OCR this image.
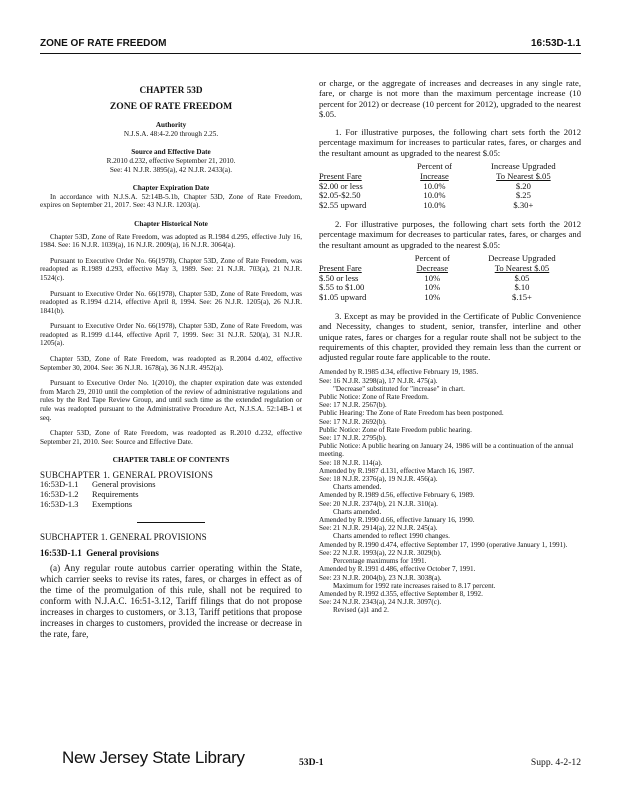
ZONE OF RATE FREEDOM	16:53D-1.1
CHAPTER 53D
ZONE OF RATE FREEDOM
Authority
N.J.S.A. 48:4-2.20 through 2.25.
Source and Effective Date
R.2010 d.232, effective September 21, 2010.
See: 41 N.J.R. 3895(a), 42 N.J.R. 2433(a).
Chapter Expiration Date

In accordance with N.J.S.A. 52:14B-5.1b, Chapter 53D, Zone of Rate Freedom, expires on September 21, 2017. See: 43 N.J.R. 1203(a).

Chapter Historical Note

Chapter 53D, Zone of Rate Freedom, was adopted as R.1984 d.295, effective July 16, 1984. See: 16 N.J.R. 1039(a), 16 N.J.R. 2009(a), 16 N.J.R. 3064(a).

Pursuant to Executive Order No. 66(1978), Chapter 53D, Zone of Rate Freedom, was readopted as R.1989 d.293, effective May 3, 1989. See: 21 N.J.R. 703(a), 21 N.J.R. 1524(c).

Pursuant to Executive Order No. 66(1978), Chapter 53D, Zone of Rate Freedom, was readopted as R.1994 d.214, effective April 8, 1994. See: 26 N.J.R. 1205(a), 26 N.J.R. 1841(b).

Pursuant to Executive Order No. 66(1978), Chapter 53D, Zone of Rate Freedom, was readopted as R.1999 d.144, effective April 7, 1999. See: 31 N.J.R. 520(a), 31 N.J.R. 1205(a).

Chapter 53D, Zone of Rate Freedom, was readopted as R.2004 d.402, effective September 30, 2004. See: 36 N.J.R. 1678(a), 36 N.J.R. 4952(a).

Pursuant to Executive Order No. 1(2010), the chapter expiration date was extended from March 29, 2010 until the completion of the review of administrative regulations and rules by the Red Tape Review Group, and until such time as the extended regulation or rule was readopted pursuant to the Administrative Procedure Act, N.J.S.A. 52:14B-1 et seq.

Chapter 53D, Zone of Rate Freedom, was readopted as R.2010 d.232, effective September 21, 2010. See: Source and Effective Date.

CHAPTER TABLE OF CONTENTS
SUBCHAPTER 1. GENERAL PROVISIONS
16:53D-1.1	General provisions
16:53D-1.2	Requirements
16:53D-1.3	Exemptions
SUBCHAPTER 1. GENERAL PROVISIONS
16:53D-1.1 General provisions

(a) Any regular route autobus carrier operating within the State, which carrier seeks to revise its rates, fares, or charges in effect as of the time of the promulgation of this rule, shall not be required to conform with N.J.A.C. 16:51-3.12, Tariff filings that do not propose increases in charges to customers, or 3.13, Tariff petitions that propose increases in charges to customers, provided the increase or decrease in the rate, fare,

or charge, or the aggregate of increases and decreases in any single rate, fare, or charge is not more than the maximum percentage increase (10 percent for 2012) or decrease (10 percent for 2012), upgraded to the nearest $.05.

1. For illustrative purposes, the following chart sets forth the 2012 percentage maximum for increases to particular rates, fares, or charges and the resultant amount as upgraded to the nearest $.05:

	Percent of	Increase Upgraded
Present Fare	Increase	To Nearest $.05
$2.00 or less	10.0%	$.20
$2.05-$2.50	10.0%	$.25
$2.55 upward	10.0%	$.30+

2. For illustrative purposes, the following chart sets forth the 2012 percentage maximum for decreases to particular rates, fares, or charges and the resultant amount as upgraded to the nearest $.05:

	Percent of	Decrease Upgraded
Present Fare	Decrease	To Nearest $.05
$.50 or less	10%	$.05
$.55 to $1.00	10%	$.10
$1.05 upward	10%	$.15+

3. Except as may be provided in the Certificate of Public Convenience and Necessity, changes to student, senior, transfer, interline and other unique rates, fares or charges for a regular route shall not be subject to the requirements of this chapter, provided they remain less than the current or adjusted regular route fare applicable to the route.

Amended by R.1985 d.34, effective February 19, 1985.
See: 16 N.J.R. 3298(a), 17 N.J.R. 475(a).
"Decrease" substituted for "increase" in chart.
Public Notice: Zone of Rate Freedom.
See: 17 N.J.R. 2567(b).
Public Hearing: The Zone of Rate Freedom has been postponed.
See: 17 N.J.R. 2692(b).
Public Notice: Zone of Rate Freedom public hearing.
See: 17 N.J.R. 2795(b).
Public Notice: A public hearing on January 24, 1986 will be a continuation of the annual meeting.
See: 18 N.J.R. 114(a).
Amended by R.1987 d.131, effective March 16, 1987.
See: 18 N.J.R. 2376(a), 19 N.J.R. 456(a).
Charts amended.
Amended by R.1989 d.56, effective February 6, 1989.
See: 20 N.J.R. 2374(b), 21 N.J.R. 310(a).
Charts amended.
Amended by R.1990 d.66, effective January 16, 1990.
See: 21 N.J.R. 2914(a), 22 N.J.R. 245(a).
Charts amended to reflect 1990 changes.
Amended by R.1990 d.474, effective September 17, 1990 (operative January 1, 1991).
See: 22 N.J.R. 1993(a), 22 N.J.R. 3029(b).
Percentage maximums for 1991.
Amended by R.1991 d.486, effective October 7, 1991.
See: 23 N.J.R. 2004(b), 23 N.J.R. 3038(a).
Maximum for 1992 rate increases raised to 8.17 percent.
Amended by R.1992 d.355, effective September 8, 1992.
See: 24 N.J.R. 2343(a), 24 N.J.R. 3097(c).
Revised (a)1 and 2.
New Jersey State Library	53D-1	Supp. 4-2-12
